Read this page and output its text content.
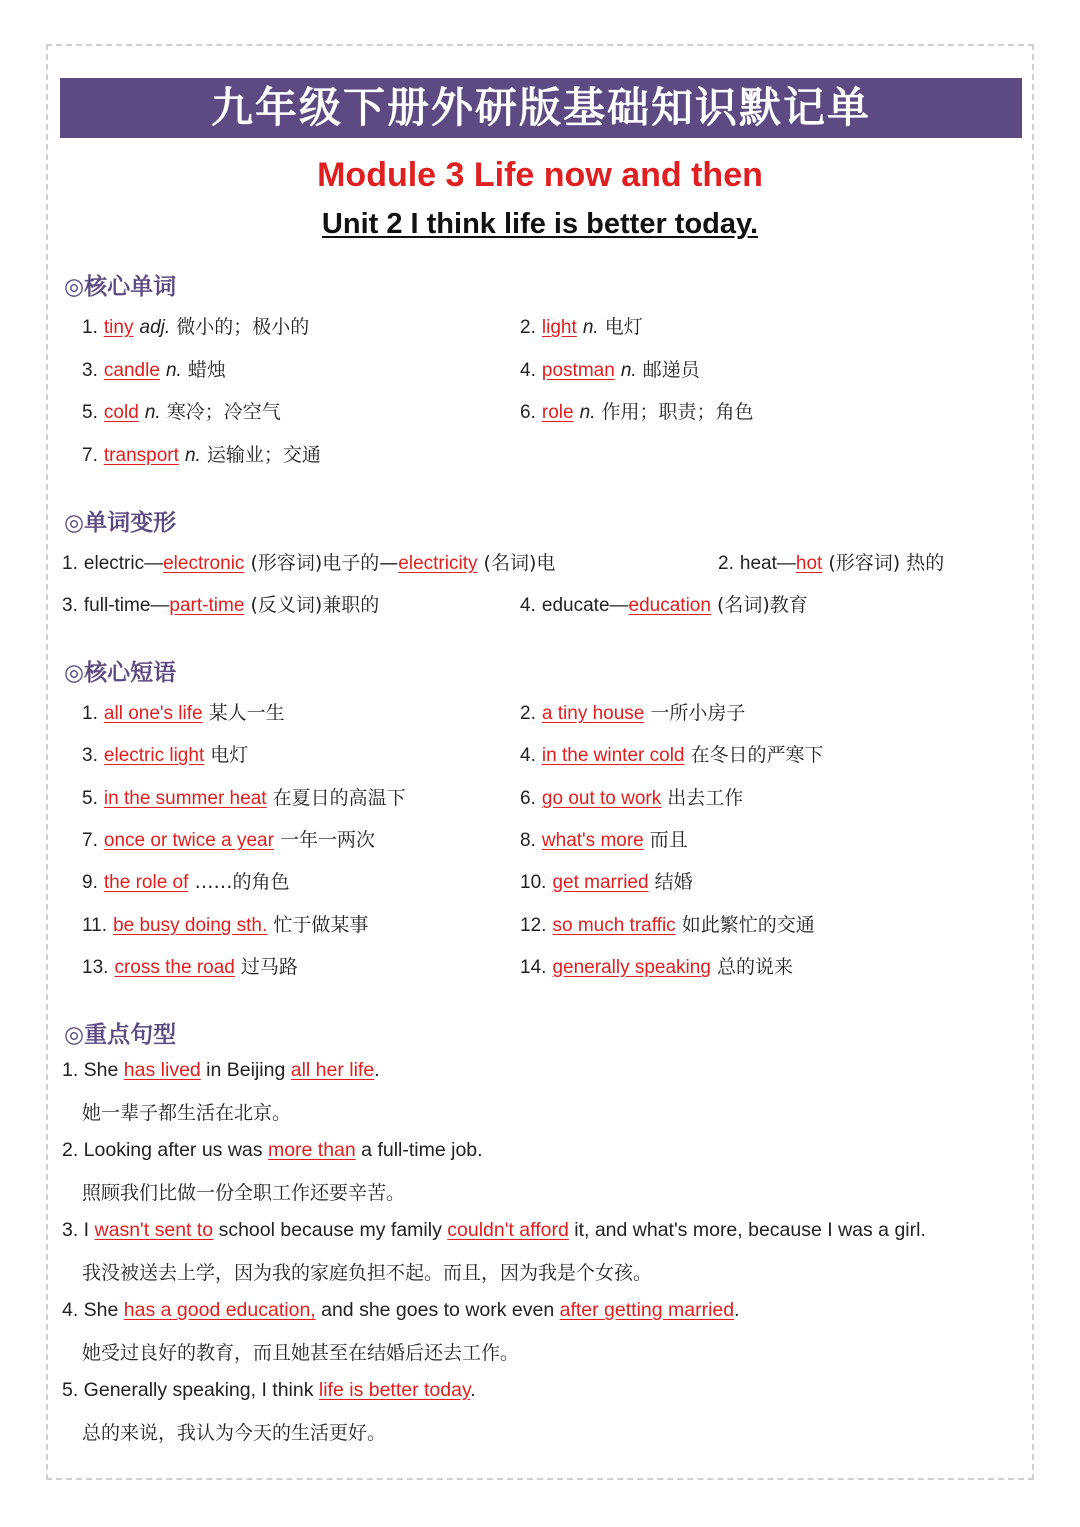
九年级下册外研版基础知识默记单
Module 3 Life now and then
Unit 2 I think life is better today.
◎核心单词
1. tiny adj. 微小的；极小的	2. light n. 电灯
3. candle n. 蜡烛	4. postman n. 邮递员
5. cold n. 寒冷；冷空气	6. role n. 作用；职责；角色
7. transport n. 运输业；交通
◎单词变形
1. electric—electronic (形容词)电子的—electricity (名词)电	2. heat—hot (形容词) 热的
3. full-time—part-time (反义词)兼职的	4. educate—education (名词)教育
◎核心短语
1. all one's life 某人一生	2. a tiny house 一所小房子
3. electric light 电灯	4. in the winter cold 在冬日的严寒下
5. in the summer heat 在夏日的高温下	6. go out to work 出去工作
7. once or twice a year 一年一两次	8. what's more 而且
9. the role of ……的角色	10. get married 结婚
11. be busy doing sth. 忙于做某事	12. so much traffic 如此繁忙的交通
13. cross the road 过马路	14. generally speaking 总的说来
◎重点句型
1. She has lived in Beijing all her life.
她一辈子都生活在北京。
2. Looking after us was more than a full-time job.
照顾我们比做一份全职工作还要辛苦。
3. I wasn't sent to school because my family couldn't afford it, and what's more, because I was a girl.
我没被送去上学，因为我的家庭负担不起。而且，因为我是个女孩。
4. She has a good education, and she goes to work even after getting married.
她受过良好的教育，而且她甚至在结婚后还去工作。
5. Generally speaking, I think life is better today.
总的来说，我认为今天的生活更好。
